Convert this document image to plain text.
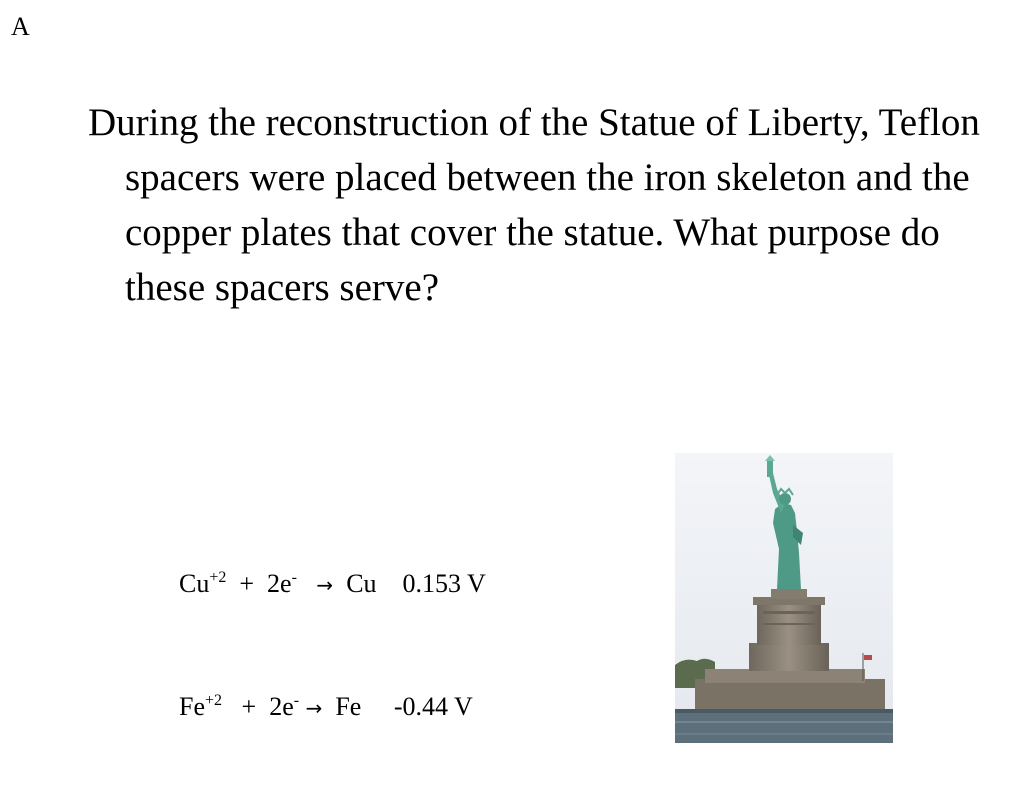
A

During the reconstruction of the Statue of Liberty, Teflon spacers were placed between the iron skeleton and the copper plates that cover the statue. What purpose do these spacers serve?

$Cu^{+2} + 2e^- \to Cu$ 0.153 V

$Fe^{+2} + 2e^- \to Fe$ -0.44 V
